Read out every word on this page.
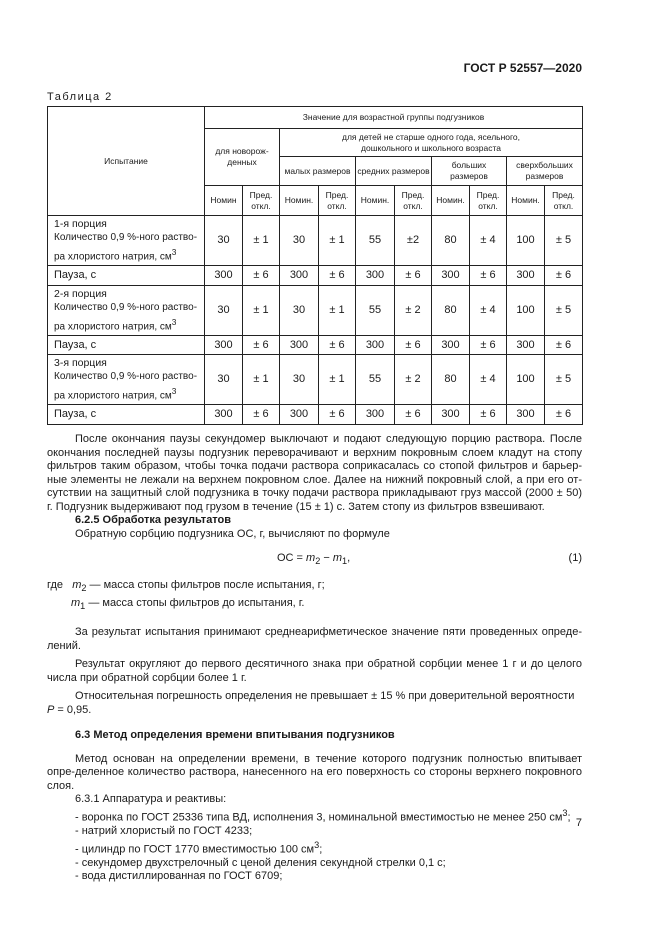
ГОСТ Р 52557—2020
Таблица 2
Испытание	Значение для возрастной группы подгузников									
	для новорож-денных		для детей не старше одного года, ясельного, дошкольного и школьного возраста							
			малых размеров		средних размеров		больших размеров		сверхбольших размеров	
	Номин	Пред. откл.	Номин.	Пред. откл.	Номин.	Пред. откл.	Номин.	Пред. откл.	Номин.	Пред. откл.

1-я порция
Количество 0,9 %-ного раство-ра хлористого натрия, $см^3$	30	± 1	30	± 1	55	±2	80	± 4	100	± 5
Пауза, с	300	± 6	300	± 6	300	± 6	300	± 6	300	± 6

2-я порция
Количество 0,9 %-ного раство-ра хлористого натрия, $см^3$	30	± 1	30	± 1	55	± 2	80	± 4	100	± 5
Пауза, с	300	± 6	300	± 6	300	± 6	300	± 6	300	± 6

3-я порция
Количество 0,9 %-ного раство-ра хлористого натрия, $см^3$	30	± 1	30	± 1	55	± 2	80	± 4	100	± 5
Пауза, с	300	± 6	300	± 6	300	± 6	300	± 6	300	± 6

После окончания паузы секундомер выключают и подают следующую порцию раствора. После окончания последней паузы подгузник переворачивают и верхним покровным слоем кладут на стопу фильтров таким образом, чтобы точка подачи раствора соприкасалась со стопой фильтров и барьер-ные элементы не лежали на верхнем покровном слое. Далее на нижний покровный слой, а при его от-сутствии на защитный слой подгузника в точку подачи раствора прикладывают груз массой (2000 ± 50) г. Подгузник выдерживают под грузом в течение (15 ± 1) с. Затем стопу из фильтров взвешивают.

6.2.5 Обработка результатов

Обратную сорбцию подгузника ОС, г, вычисляют по формуле

ОС = $m_2 - m_1$,	(1)

где $m_2$ — масса стопы фильтров после испытания, г;

$m_1$ — масса стопы фильтров до испытания, г.

За результат испытания принимают среднеарифметическое значение пяти проведенных опреде-лений.

Результат округляют до первого десятичного знака при обратной сорбции менее 1 г и до целого числа при обратной сорбции более 1 г.

Относительная погрешность определения не превышает ± 15 % при доверительной вероятности
P = 0,95.

6.3 Метод определения времени впитывания подгузников

Метод основан на определении времени, в течение которого подгузник полностью впитывает опре-деленное количество раствора, нанесенного на его поверхность со стороны верхнего покровного слоя.

6.3.1 Аппаратура и реактивы:

- воронка по ГОСТ 25336 типа ВД, исполнения 3, номинальной вместимостью не менее 250 $см^3$;

- натрий хлористый по ГОСТ 4233;

- цилиндр по ГОСТ 1770 вместимостью 100 $см^3$;

- секундомер двухстрелочный с ценой деления секундной стрелки 0,1 с;

- вода дистиллированная по ГОСТ 6709;

7
